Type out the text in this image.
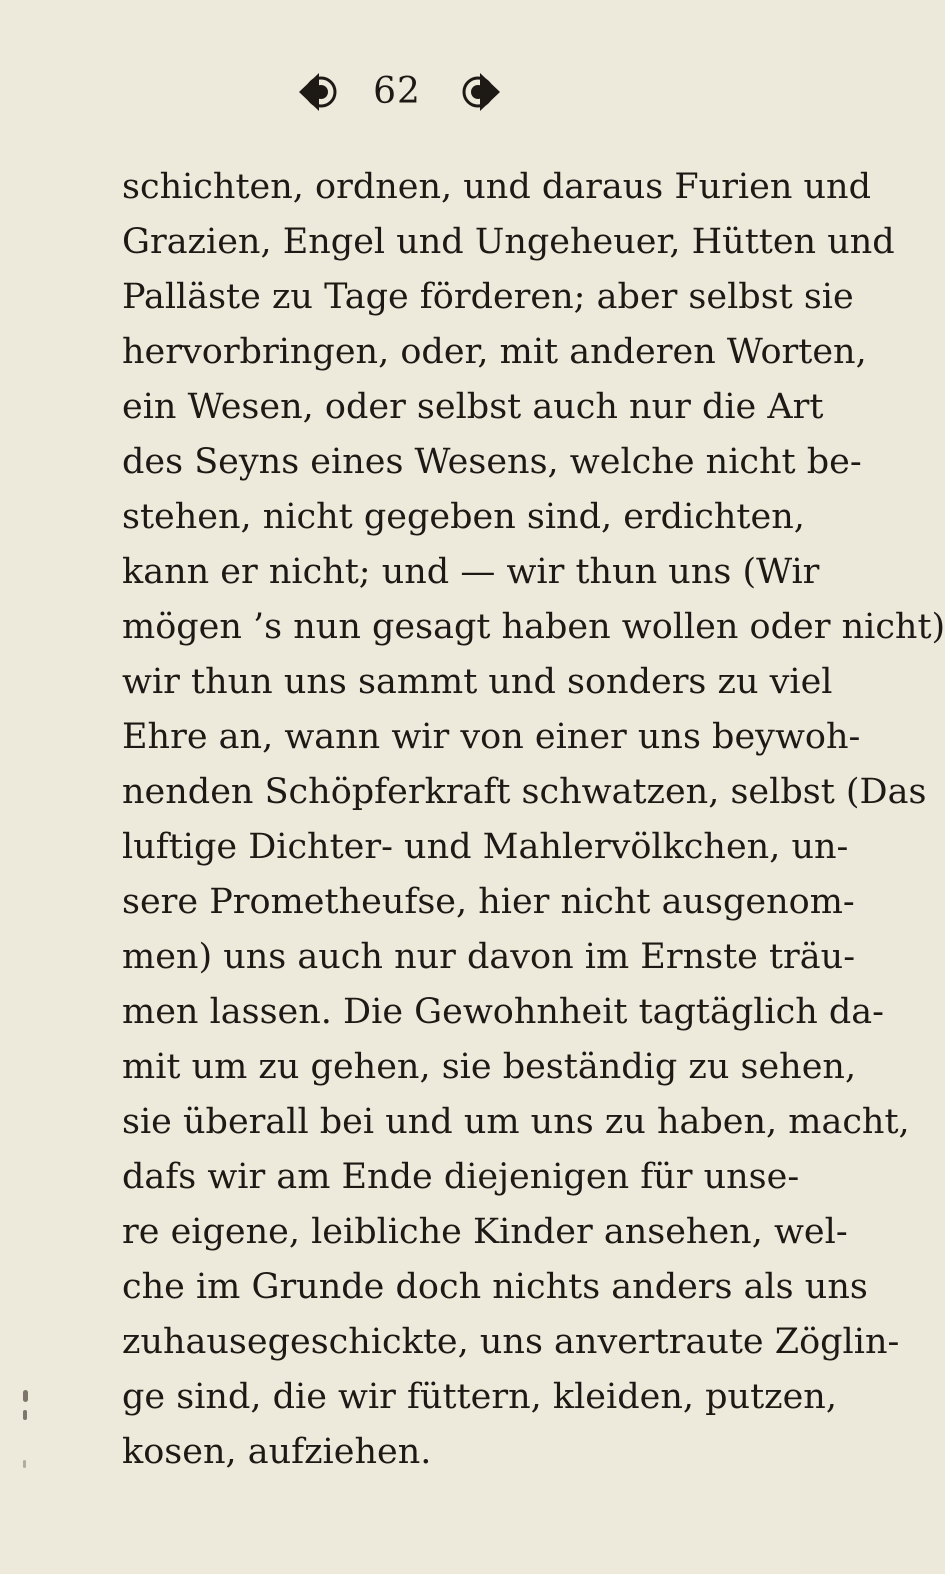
62
schichten, ordnen, und daraus Furien und
Grazien, Engel und Ungeheuer, Hütten und
Palläste zu Tage förderen; aber selbst sie
hervorbringen, oder, mit anderen Worten,
ein Wesen, oder selbst auch nur die Art
des Seyns eines Wesens, welche nicht be-
stehen, nicht gegeben sind, erdichten,
kann er nicht; und — wir thun uns (Wir
mögen ’s nun gesagt haben wollen oder nicht)
wir thun uns sammt und sonders zu viel
Ehre an, wann wir von einer uns beywoh-
nenden Schöpferkraft schwatzen, selbst (Das
luftige Dichter- und Mahlervölkchen, un-
sere Prometheufse, hier nicht ausgenom-
men) uns auch nur davon im Ernste träu-
men lassen. Die Gewohnheit tagtäglich da-
mit um zu gehen, sie beständig zu sehen,
sie überall bei und um uns zu haben, macht,
dafs wir am Ende diejenigen für unse-
re eigene, leibliche Kinder ansehen, wel-
che im Grunde doch nichts anders als uns
zuhausegeschickte, uns anvertraute Zöglin-
ge sind, die wir füttern, kleiden, putzen,
kosen, aufziehen.
